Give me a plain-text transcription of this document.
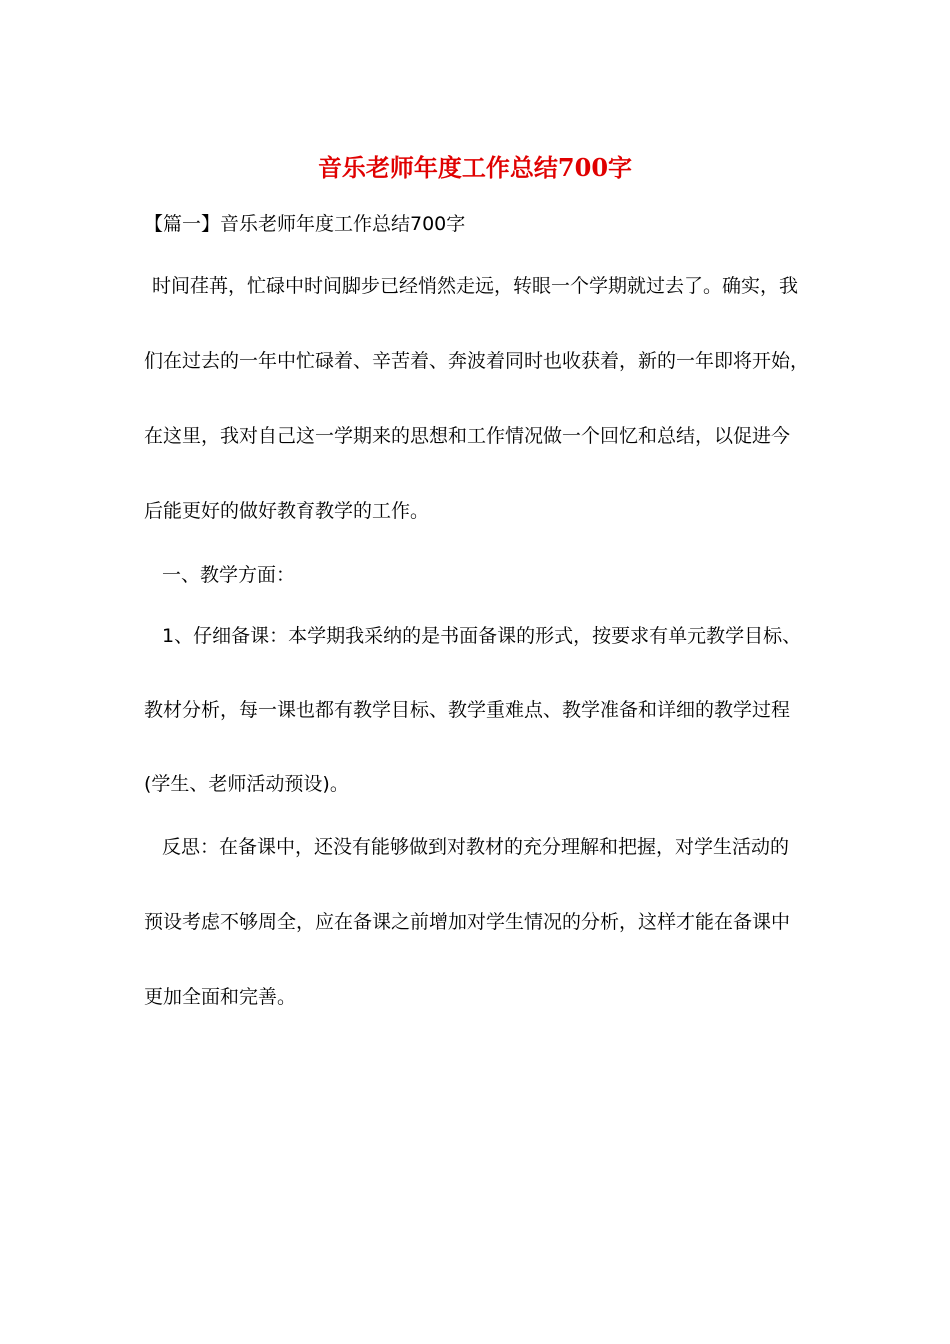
音乐老师年度工作总结700字
【篇一】音乐老师年度工作总结700字
时间荏苒，忙碌中时间脚步已经悄然走远，转眼一个学期就过去了。确实，我
们在过去的一年中忙碌着、辛苦着、奔波着同时也收获着，新的一年即将开始，
在这里，我对自己这一学期来的思想和工作情况做一个回忆和总结，以促进今
后能更好的做好教育教学的工作。
一、教学方面：
1、仔细备课：本学期我采纳的是书面备课的形式，按要求有单元教学目标、
教材分析，每一课也都有教学目标、教学重难点、教学准备和详细的教学过程
(学生、老师活动预设)。
反思：在备课中，还没有能够做到对教材的充分理解和把握，对学生活动的
预设考虑不够周全，应在备课之前增加对学生情况的分析，这样才能在备课中
更加全面和完善。
